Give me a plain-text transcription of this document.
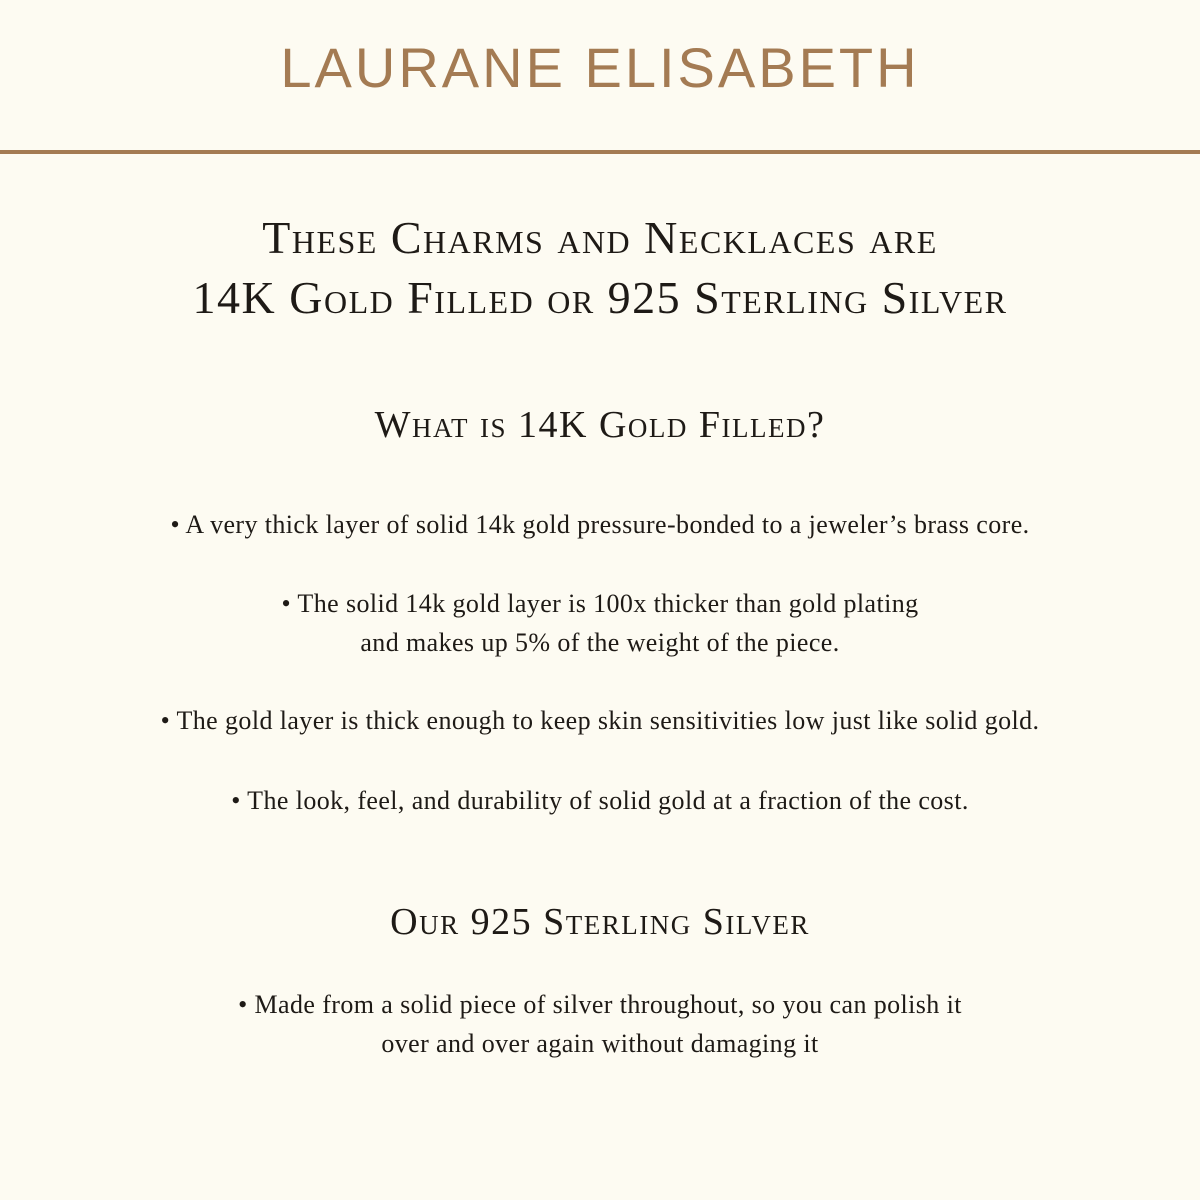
LAURANE ELISABETH
These Charms and Necklaces are
14K Gold Filled or 925 Sterling Silver
What is 14K Gold Filled?
• A very thick layer of solid 14k gold pressure-bonded to a jeweler’s brass core.
• The solid 14k gold layer is 100x thicker than gold plating
and makes up 5% of the weight of the piece.
• The gold layer is thick enough to keep skin sensitivities low just like solid gold.
• The look, feel, and durability of solid gold at a fraction of the cost.
Our 925 Sterling Silver
• Made from a solid piece of silver throughout, so you can polish it
over and over again without damaging it
